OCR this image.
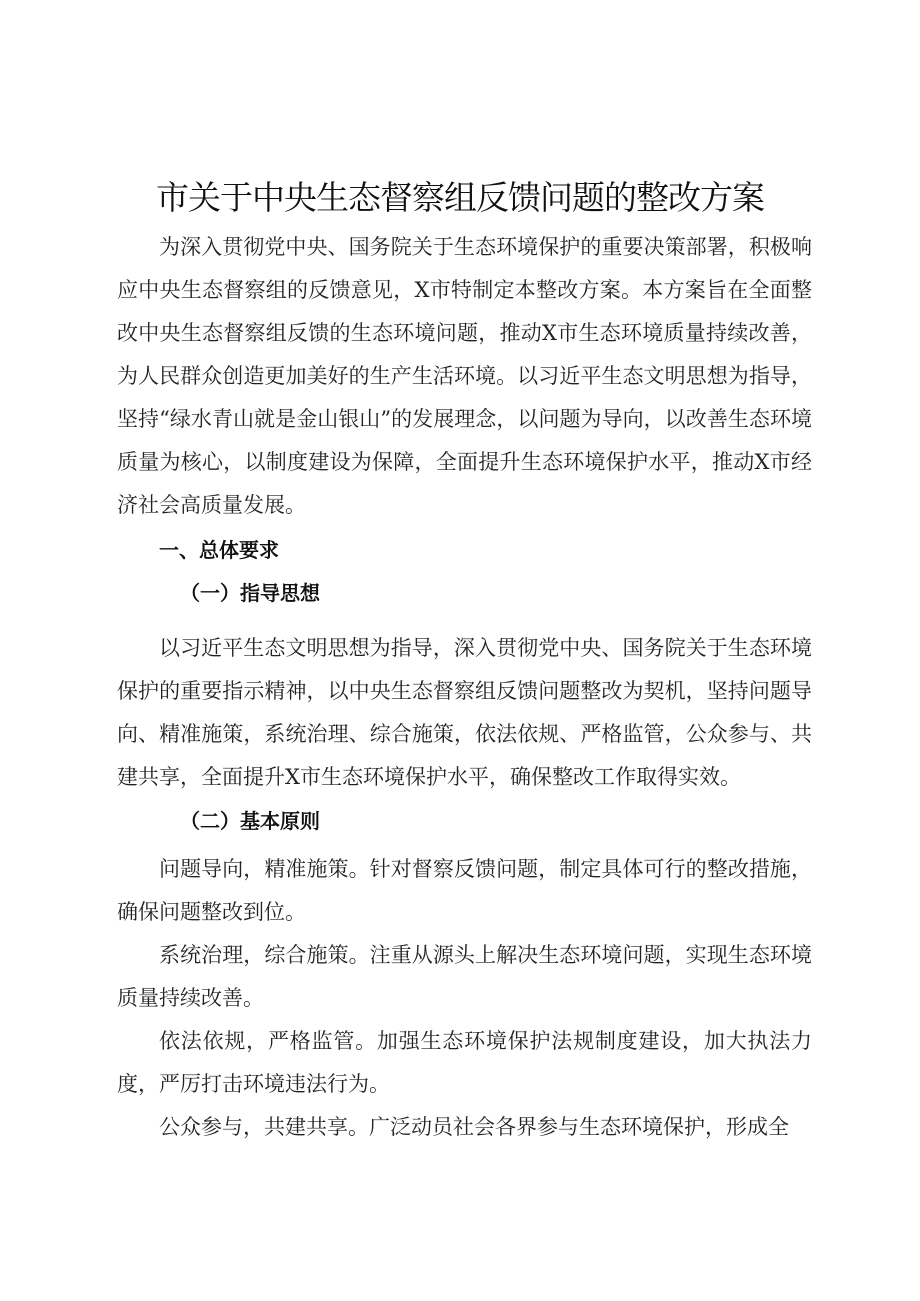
市关于中央生态督察组反馈问题的整改方案

为深入贯彻党中央、国务院关于生态环境保护的重要决策部署，积极响应中央生态督察组的反馈意见，X市特制定本整改方案。本方案旨在全面整改中央生态督察组反馈的生态环境问题，推动X市生态环境质量持续改善，为人民群众创造更加美好的生产生活环境。以习近平生态文明思想为指导，坚持“绿水青山就是金山银山”的发展理念，以问题为导向，以改善生态环境质量为核心，以制度建设为保障，全面提升生态环境保护水平，推动X市经济社会高质量发展。

一、总体要求

（一）指导思想

以习近平生态文明思想为指导，深入贯彻党中央、国务院关于生态环境保护的重要指示精神，以中央生态督察组反馈问题整改为契机，坚持问题导向、精准施策，系统治理、综合施策，依法依规、严格监管，公众参与、共建共享，全面提升X市生态环境保护水平，确保整改工作取得实效。

（二）基本原则

问题导向，精准施策。针对督察反馈问题，制定具体可行的整改措施，确保问题整改到位。

系统治理，综合施策。注重从源头上解决生态环境问题，实现生态环境质量持续改善。

依法依规，严格监管。加强生态环境保护法规制度建设，加大执法力度，严厉打击环境违法行为。

公众参与，共建共享。广泛动员社会各界参与生态环境保护，形成全
